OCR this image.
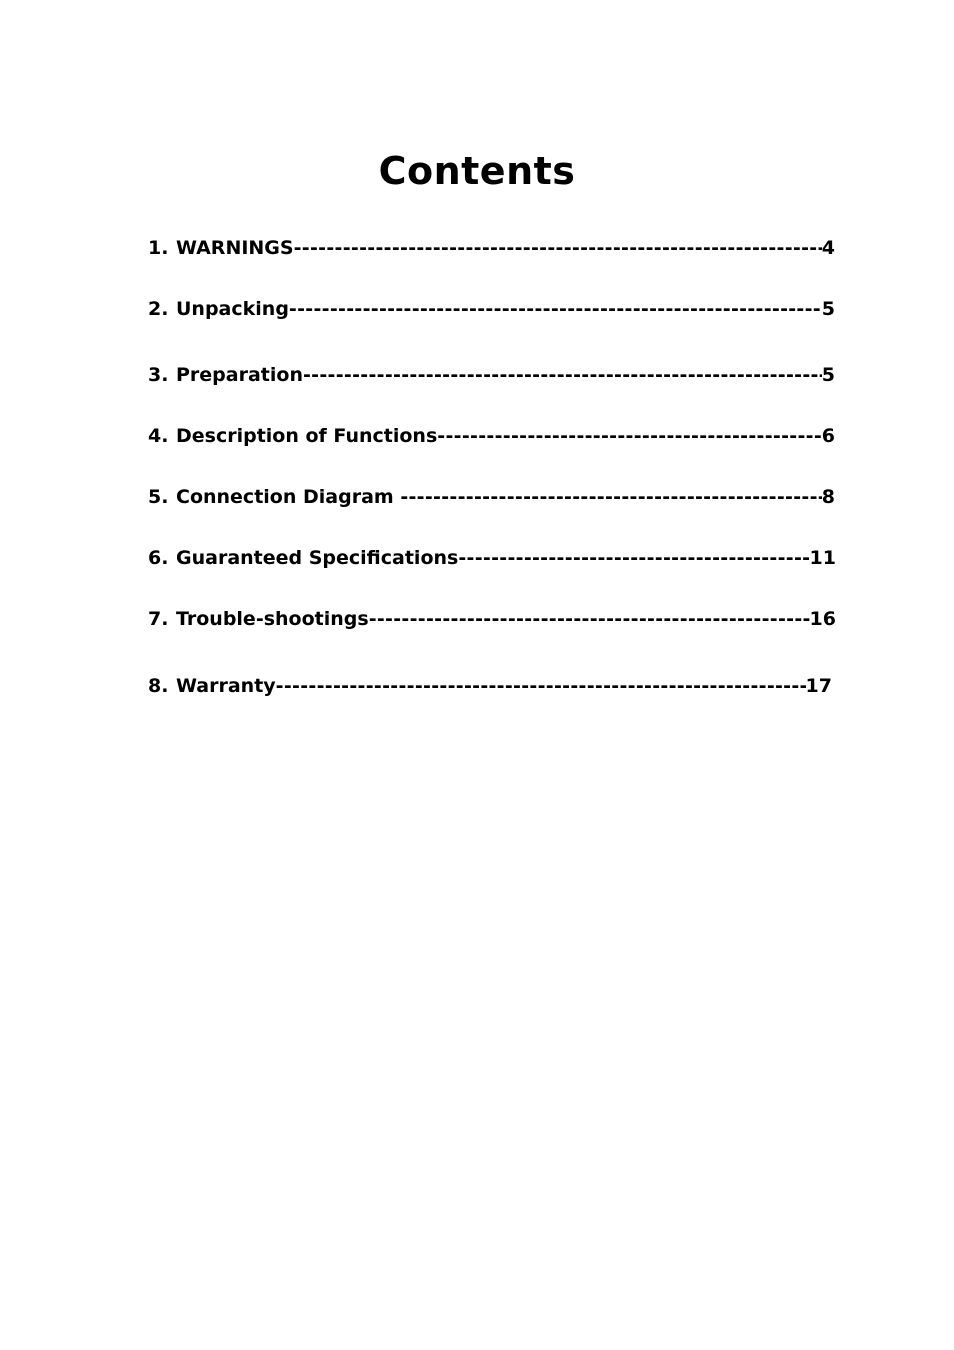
Contents
1. WARNINGS -----	4
2. Unpacking -----	5
3. Preparation -----	5
4. Description of Functions -----	6
5. Connection Diagram -----	8
6. Guaranteed Specifications -----	11
7. Trouble-shootings -----	16
8. Warranty -----	17
